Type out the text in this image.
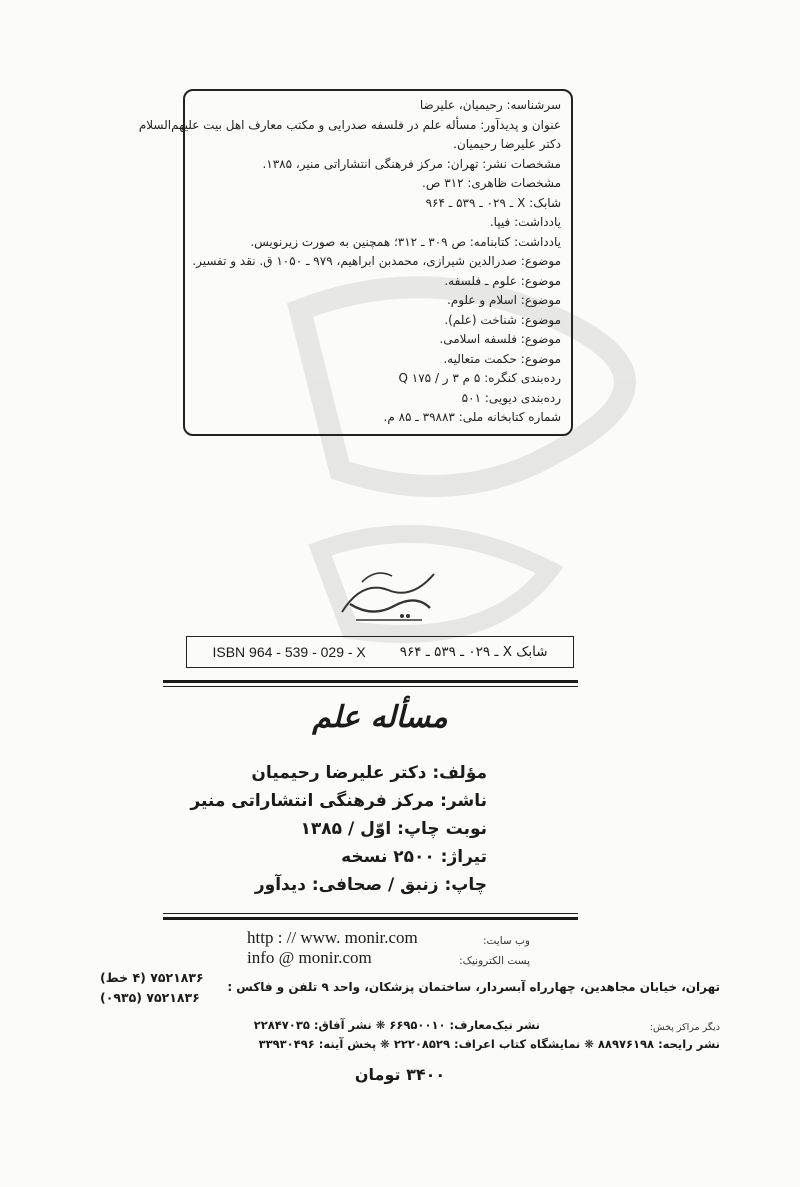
سرشناسه: رحیمیان، علیرضا
عنوان و پدیدآور: مسأله علم در فلسفه صدرایی و مکتب معارف اهل بیت علیهم‌السلام
دکتر علیرضا رحیمیان.
مشخصات نشر: تهران: مرکز فرهنگی انتشاراتی منیر، ۱۳۸۵.
مشخصات ظاهری: ۳۱۲ ص.
شابک: X ـ ۰۲۹ ـ ۵۳۹ ـ ۹۶۴
یادداشت: فیپا.
یادداشت: کتابنامه: ص ۳۰۹ ـ ۳۱۲؛ همچنین به صورت زیرنویس.
موضوع: صدرالدین شیرازی، محمدبن ابراهیم، ۹۷۹ ـ ۱۰۵۰ ق. نقد و تفسیر.
موضوع: علوم ـ فلسفه.
موضوع: اسلام و علوم.
موضوع: شناخت (علم).
موضوع: فلسفه اسلامی.
موضوع: حکمت متعالیه.
رده‌بندی کنگره: ۵ م ۳ ر / ۱۷۵ Q
رده‌بندی دیویی: ۵۰۱
شماره کتابخانه ملی: ۳۹۸۸۳ ـ ۸۵ م.
شابک X ـ ۰۲۹ ـ ۵۳۹ ـ ۹۶۴
ISBN 964 - 539 - 029 - X
مسأله علم
مؤلف: دکتر علیرضا رحیمیان
ناشر: مرکز فرهنگی انتشاراتی منیر
نوبت چاپ: اوّل / ۱۳۸۵
تیراژ: ۲۵۰۰ نسخه
چاپ: زنبق / صحافی: دیدآور
وب سایت:
http : // www. monir.com
پست الکترونیک:
info @ monir.com
تهران، خیابان مجاهدین، چهارراه آبسردار، ساختمان پزشکان، واحد ۹ تلفن و فاکس :
۷۵۲۱۸۳۶ (۴ خط)
۷۵۲۱۸۳۶ (۰۹۳۵)
دیگر مراکز پخش:
نشر نیک‌معارف: ۶۶۹۵۰۰۱۰ ❋ نشر آفاق: ۲۲۸۴۷۰۳۵
نشر رایحه: ۸۸۹۷۶۱۹۸ ❋ نمایشگاه کتاب اعراف: ۲۲۲۰۸۵۲۹ ❋ پخش آینه: ۳۳۹۳۰۴۹۶
۳۴۰۰ تومان
